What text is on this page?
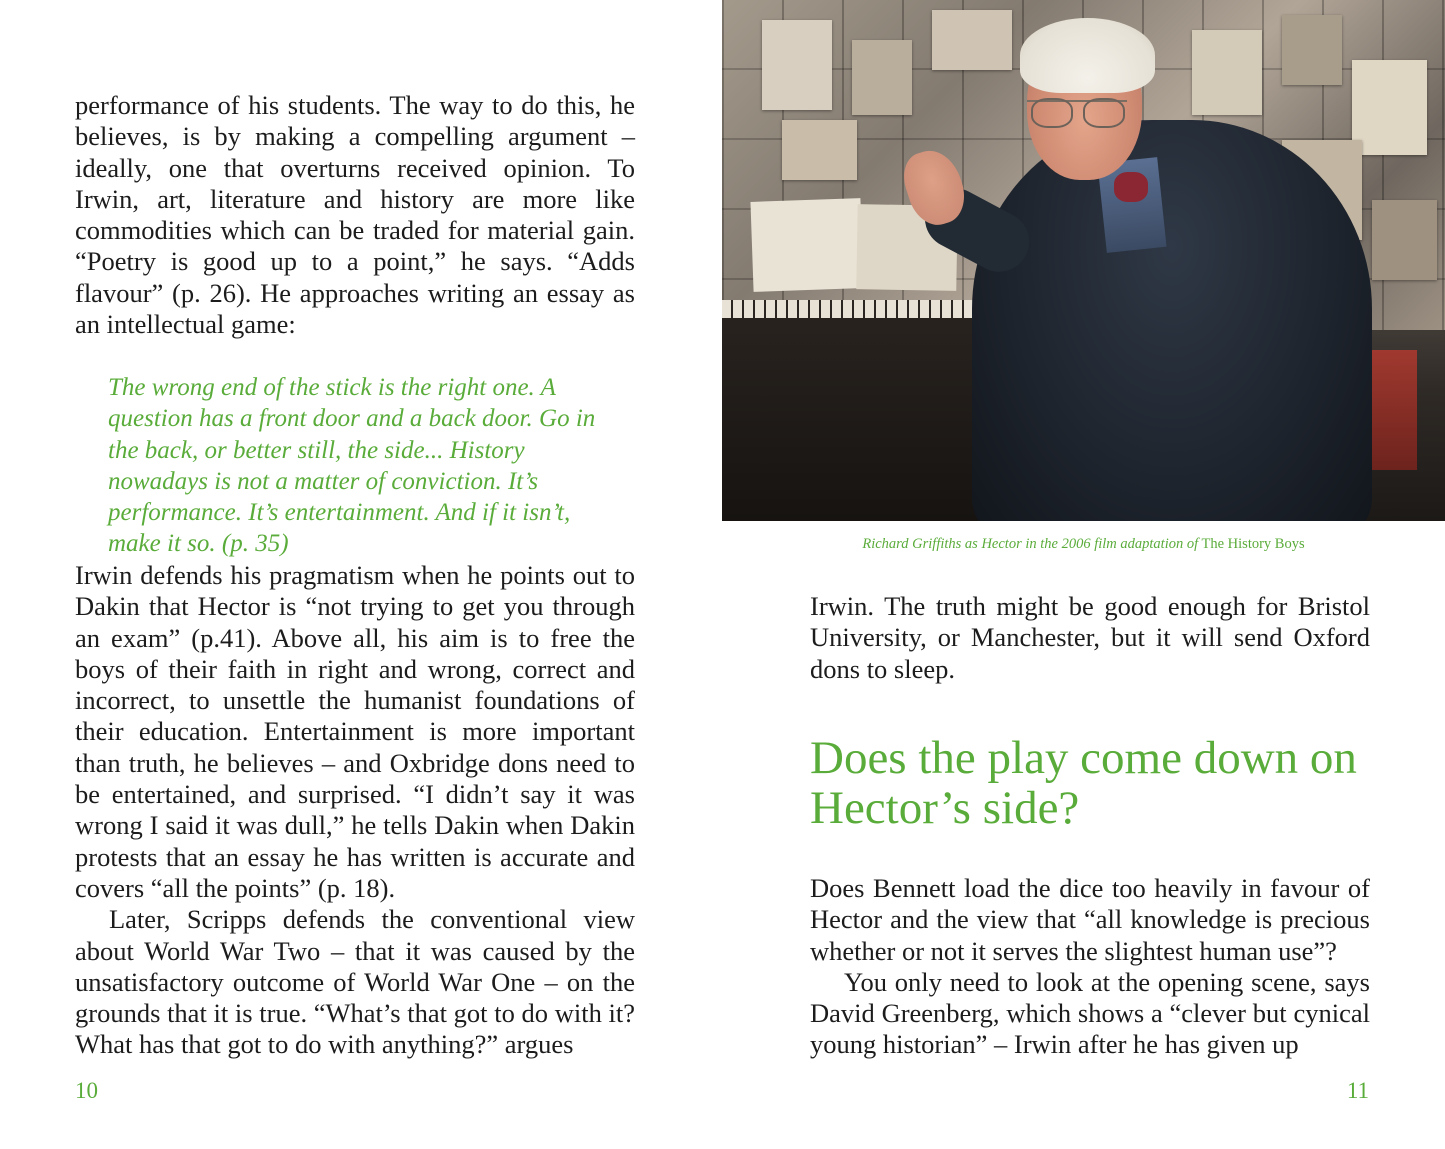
performance of his students. The way to do this, he believes, is by making a compelling argument – ideally, one that overturns received opinion. To Irwin, art, literature and history are more like commodities which can be traded for material gain. “Poetry is good up to a point,” he says. “Adds flavour” (p. 26). He approaches writing an essay as an intellectual game:

The wrong end of the stick is the right one. A question has a front door and a back door. Go in the back, or better still, the side... History nowadays is not a matter of conviction. It’s performance. It’s entertainment. And if it isn’t, make it so. (p. 35)

Irwin defends his pragmatism when he points out to Dakin that Hector is “not trying to get you through an exam” (p.41). Above all, his aim is to free the boys of their faith in right and wrong, correct and incorrect, to unsettle the humanist foundations of their education. Entertainment is more important than truth, he believes – and Oxbridge dons need to be entertained, and surprised. “I didn’t say it was wrong I said it was dull,” he tells Dakin when Dakin protests that an essay he has written is accurate and covers “all the points” (p. 18).

Later, Scripps defends the conventional view about World War Two – that it was caused by the unsatisfactory outcome of World War One – on the grounds that it is true. “What’s that got to do with it? What has that got to do with anything?” argues

10
Richard Griffiths as Hector in the 2006 film adaptation of The History Boys

Irwin. The truth might be good enough for Bristol University, or Manchester, but it will send Oxford dons to sleep.

Does the play come down on Hector’s side?

Does Bennett load the dice too heavily in favour of Hector and the view that “all knowledge is precious whether or not it serves the slightest human use”?

You only need to look at the opening scene, says David Greenberg, which shows a “clever but cynical young historian” – Irwin after he has given up

11
